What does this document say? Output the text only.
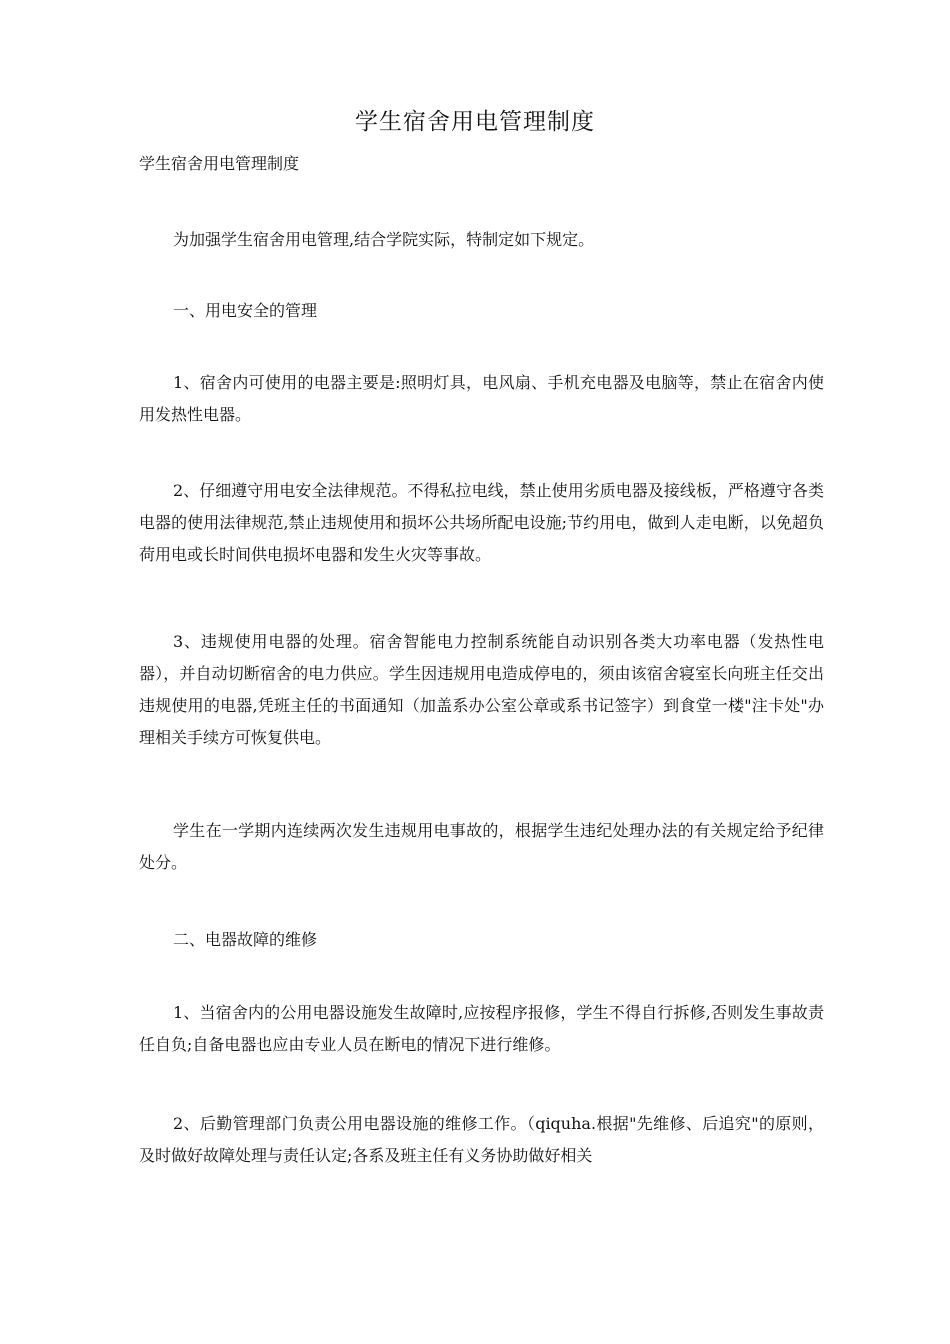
学生宿舍用电管理制度
学生宿舍用电管理制度
为加强学生宿舍用电管理,结合学院实际，特制定如下规定。
一、用电安全的管理
1、宿舍内可使用的电器主要是:照明灯具，电风扇、手机充电器及电脑等，禁止在宿舍内使用发热性电器。
2、仔细遵守用电安全法律规范。不得私拉电线，禁止使用劣质电器及接线板，严格遵守各类电器的使用法律规范,禁止违规使用和损坏公共场所配电设施;节约用电，做到人走电断，以免超负荷用电或长时间供电损坏电器和发生火灾等事故。
3、违规使用电器的处理。宿舍智能电力控制系统能自动识别各类大功率电器（发热性电器），并自动切断宿舍的电力供应。学生因违规用电造成停电的，须由该宿舍寝室长向班主任交出违规使用的电器,凭班主任的书面通知（加盖系办公室公章或系书记签字）到食堂一楼"注卡处"办理相关手续方可恢复供电。
学生在一学期内连续两次发生违规用电事故的，根据学生违纪处理办法的有关规定给予纪律处分。
二、电器故障的维修
1、当宿舍内的公用电器设施发生故障时,应按程序报修，学生不得自行拆修,否则发生事故责任自负;自备电器也应由专业人员在断电的情况下进行维修。
2、后勤管理部门负责公用电器设施的维修工作。（qiquha.根据"先维修、后追究"的原则，及时做好故障处理与责任认定;各系及班主任有义务协助做好相关
